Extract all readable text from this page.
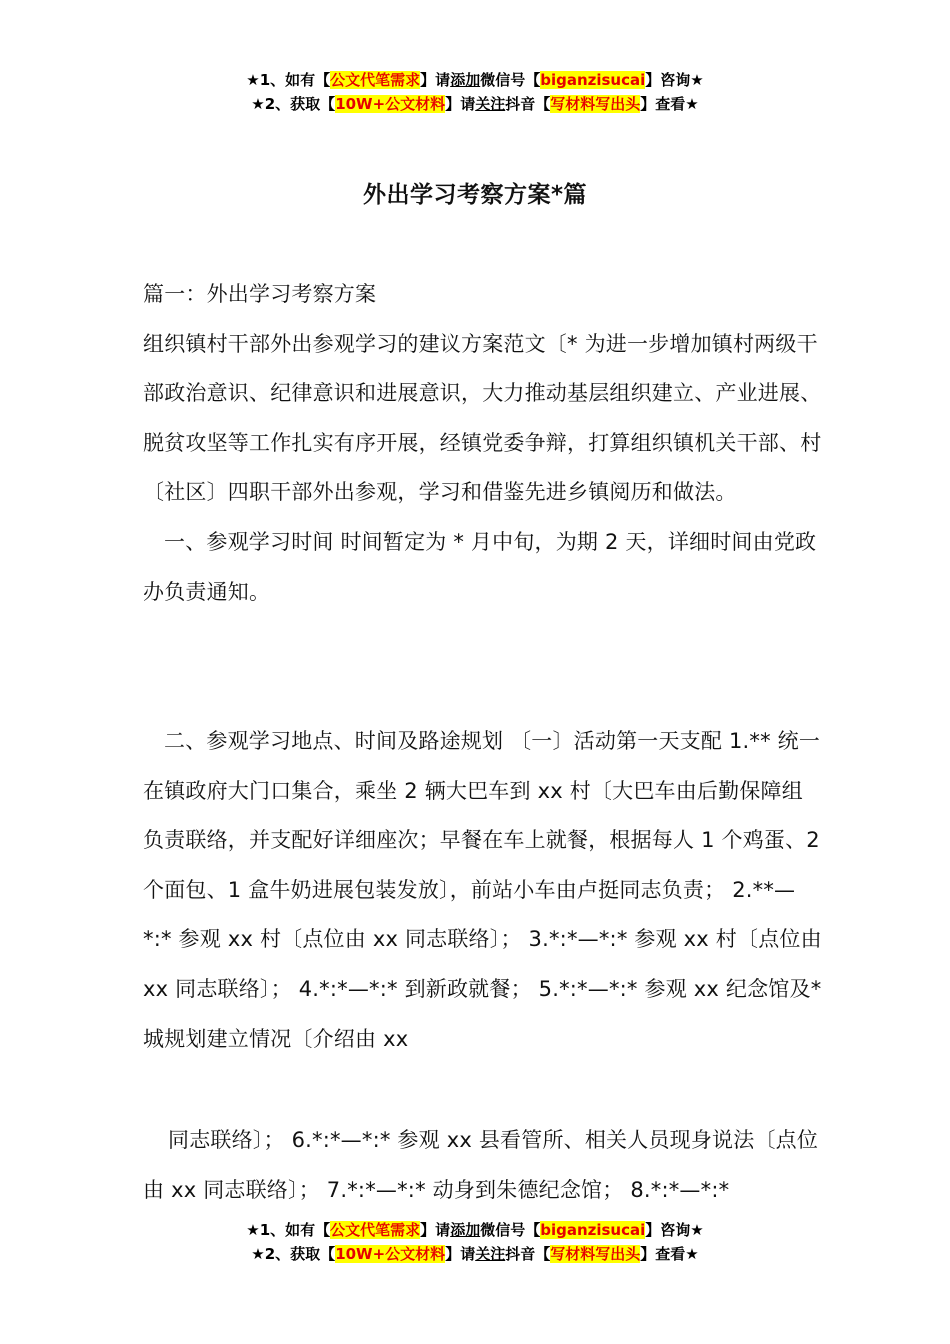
★1、如有【公文代笔需求】请添加微信号【biganzisucai】咨询★
★2、获取【10W+公文材料】请关注抖音【写材料写出头】查看★
外出学习考察方案*篇

篇一：外出学习考察方案

组织镇村干部外出参观学习的建议方案范文〔* 为进一步增加镇村两级干部政治意识、纪律意识和进展意识，大力推动基层组织建立、产业进展、脱贫攻坚等工作扎实有序开展，经镇党委争辩，打算组织镇机关干部、村〔社区〕四职干部外出参观，学习和借鉴先进乡镇阅历和做法。

一、参观学习时间 时间暂定为 * 月中旬，为期 2 天，详细时间由党政办负责通知。

二、参观学习地点、时间及路途规划 〔一〕活动第一天支配 1.** 统一在镇政府大门口集合，乘坐 2 辆大巴车到 xx 村〔大巴车由后勤保障组负责联络，并支配好详细座次；早餐在车上就餐，根据每人 1 个鸡蛋、2 个面包、1 盒牛奶进展包装发放〕，前站小车由卢挺同志负责； 2.**—*:* 参观 xx 村〔点位由 xx 同志联络〕； 3.*:*—*:* 参观 xx 村〔点位由 xx 同志联络〕； 4.*:*—*:* 到新政就餐； 5.*:*—*:* 参观 xx 纪念馆及*城规划建立情况〔介绍由 xx

同志联络〕； 6.*:*—*:* 参观 xx 县看管所、相关人员现身说法〔点位由 xx 同志联络〕； 7.*:*—*:* 动身到朱德纪念馆； 8.*:*—*:*

★1、如有【公文代笔需求】请添加微信号【biganzisucai】咨询★
★2、获取【10W+公文材料】请关注抖音【写材料写出头】查看★
